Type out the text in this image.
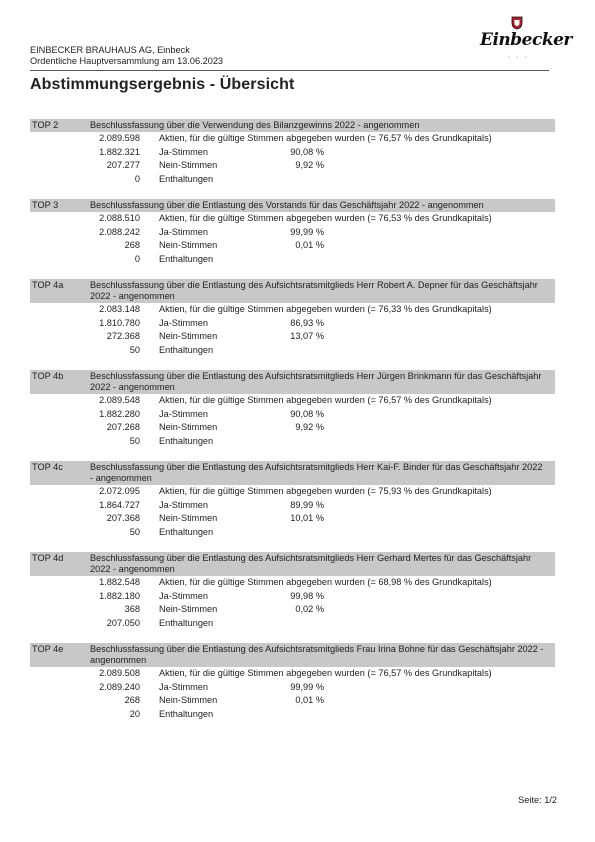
EINBECKER BRAUHAUS AG, Einbeck
Ordentliche Hauptversammlung am 13.06.2023
Abstimmungsergebnis - Übersicht
Einbecker
• • •
TOP 2	Beschlussfassung über die Verwendung des Bilanzgewinns 2022 - angenommen
2.089.598	Aktien, für die gültige Stimmen abgegeben wurden (= 76,57 % des Grundkapitals)
1.882.321	Ja-Stimmen	90,08 %
207.277	Nein-Stimmen	9,92 %
0	Enthaltungen
TOP 3	Beschlussfassung über die Entlastung des Vorstands für das Geschäftsjahr 2022 - angenommen
2.088.510	Aktien, für die gültige Stimmen abgegeben wurden (= 76,53 % des Grundkapitals)
2.088.242	Ja-Stimmen	99,99 %
268	Nein-Stimmen	0,01 %
0	Enthaltungen
TOP 4a	Beschlussfassung über die Entlastung des Aufsichtsratsmitglieds Herr Robert A. Depner für das Geschäftsjahr 2022 - angenommen
2.083.148	Aktien, für die gültige Stimmen abgegeben wurden (= 76,33 % des Grundkapitals)
1.810.780	Ja-Stimmen	86,93 %
272.368	Nein-Stimmen	13,07 %
50	Enthaltungen
TOP 4b	Beschlussfassung über die Entlastung des Aufsichtsratsmitglieds Herr Jürgen Brinkmann für das Geschäftsjahr 2022 - angenommen
2.089.548	Aktien, für die gültige Stimmen abgegeben wurden (= 76,57 % des Grundkapitals)
1.882.280	Ja-Stimmen	90,08 %
207.268	Nein-Stimmen	9,92 %
50	Enthaltungen
TOP 4c	Beschlussfassung über die Entlastung des Aufsichtsratsmitglieds Herr Kai-F. Binder für das Geschäftsjahr 2022 - angenommen
2.072.095	Aktien, für die gültige Stimmen abgegeben wurden (= 75,93 % des Grundkapitals)
1.864.727	Ja-Stimmen	89,99 %
207.368	Nein-Stimmen	10,01 %
50	Enthaltungen
TOP 4d	Beschlussfassung über die Entlastung des Aufsichtsratsmitglieds Herr Gerhard Mertes für das Geschäftsjahr 2022 - angenommen
1.882.548	Aktien, für die gültige Stimmen abgegeben wurden (= 68,98 % des Grundkapitals)
1.882.180	Ja-Stimmen	99,98 %
368	Nein-Stimmen	0,02 %
207.050	Enthaltungen
TOP 4e	Beschlussfassung über die Entlastung des Aufsichtsratsmitglieds Frau Irina Bohne für das Geschäftsjahr 2022 - angenommen
2.089.508	Aktien, für die gültige Stimmen abgegeben wurden (= 76,57 % des Grundkapitals)
2.089.240	Ja-Stimmen	99,99 %
268	Nein-Stimmen	0,01 %
20	Enthaltungen
Seite: 1/2
